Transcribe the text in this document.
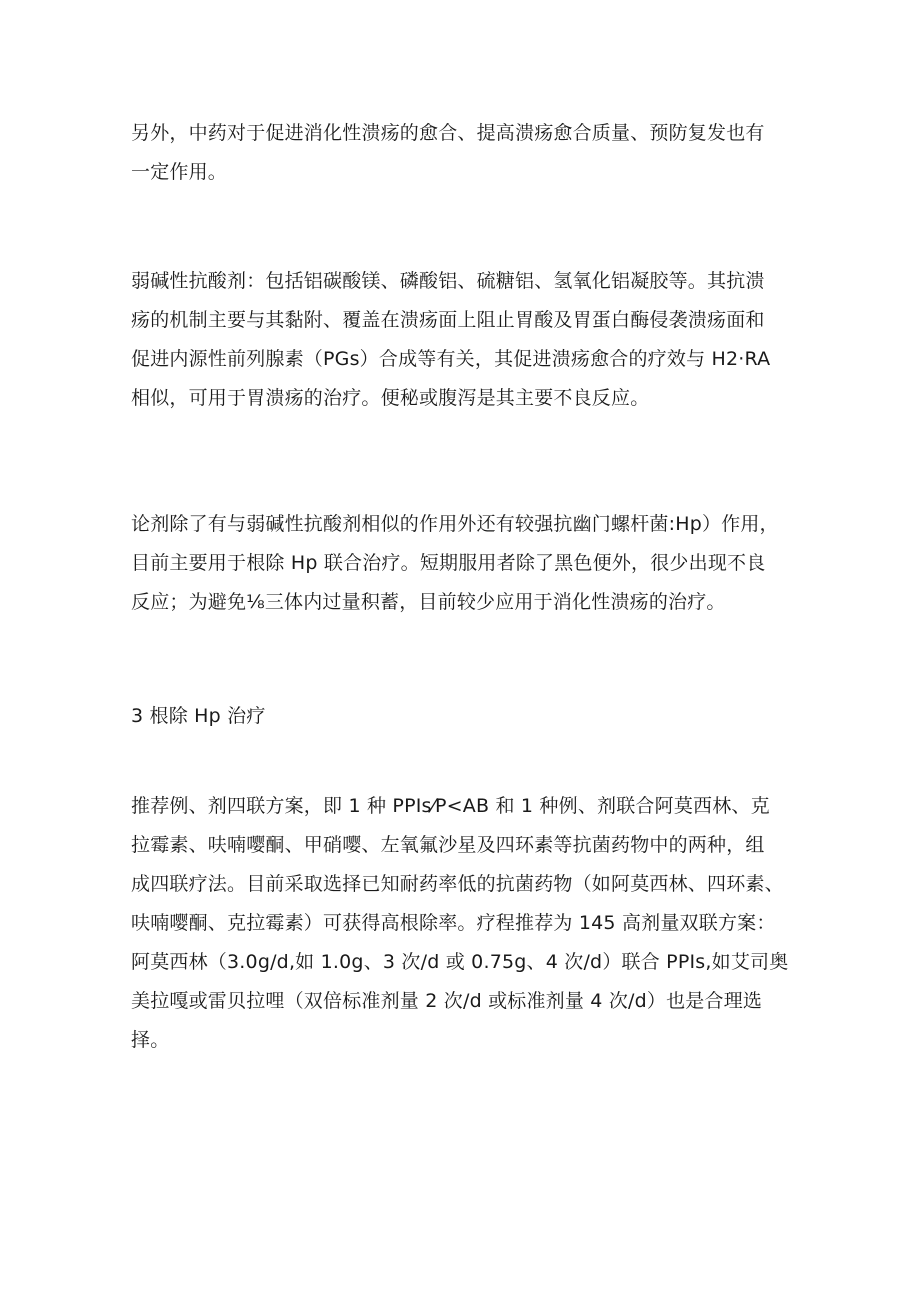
另外，中药对于促进消化性溃疡的愈合、提高溃疡愈合质量、预防复发也有
一定作用。

弱碱性抗酸剂：包括铝碳酸镁、磷酸铝、硫糖铝、氢氧化铝凝胶等。其抗溃
疡的机制主要与其黏附、覆盖在溃疡面上阻止胃酸及胃蛋白酶侵袭溃疡面和
促进内源性前列腺素（PGs）合成等有关，其促进溃疡愈合的疗效与 H2·RA
相似，可用于胃溃疡的治疗。便秘或腹泻是其主要不良反应。

论剂除了有与弱碱性抗酸剂相似的作用外还有较强抗幽门螺杆菌:Hp）作用，
目前主要用于根除 Hp 联合治疗。短期服用者除了黑色便外，很少出现不良
反应；为避免⅛三体内过量积蓄，目前较少应用于消化性溃疡的治疗。

3 根除 Hp 治疗

推荐例、剂四联方案，即 1 种 PPIs⁄P<AB 和 1 种例、剂联合阿莫西林、克
拉霉素、呋喃嘤酮、甲硝嘤、左氧氟沙星及四环素等抗菌药物中的两种，组
成四联疗法。目前采取选择已知耐药率低的抗菌药物（如阿莫西林、四环素、
呋喃嘤酮、克拉霉素）可获得高根除率。疗程推荐为 145 高剂量双联方案：
阿莫西林（3.0g/d,如 1.0g、3 次/d 或 0.75g、4 次/d）联合 PPIs,如艾司奥
美拉嘎或雷贝拉哩（双倍标准剂量 2 次/d 或标准剂量 4 次/d）也是合理选
择。
